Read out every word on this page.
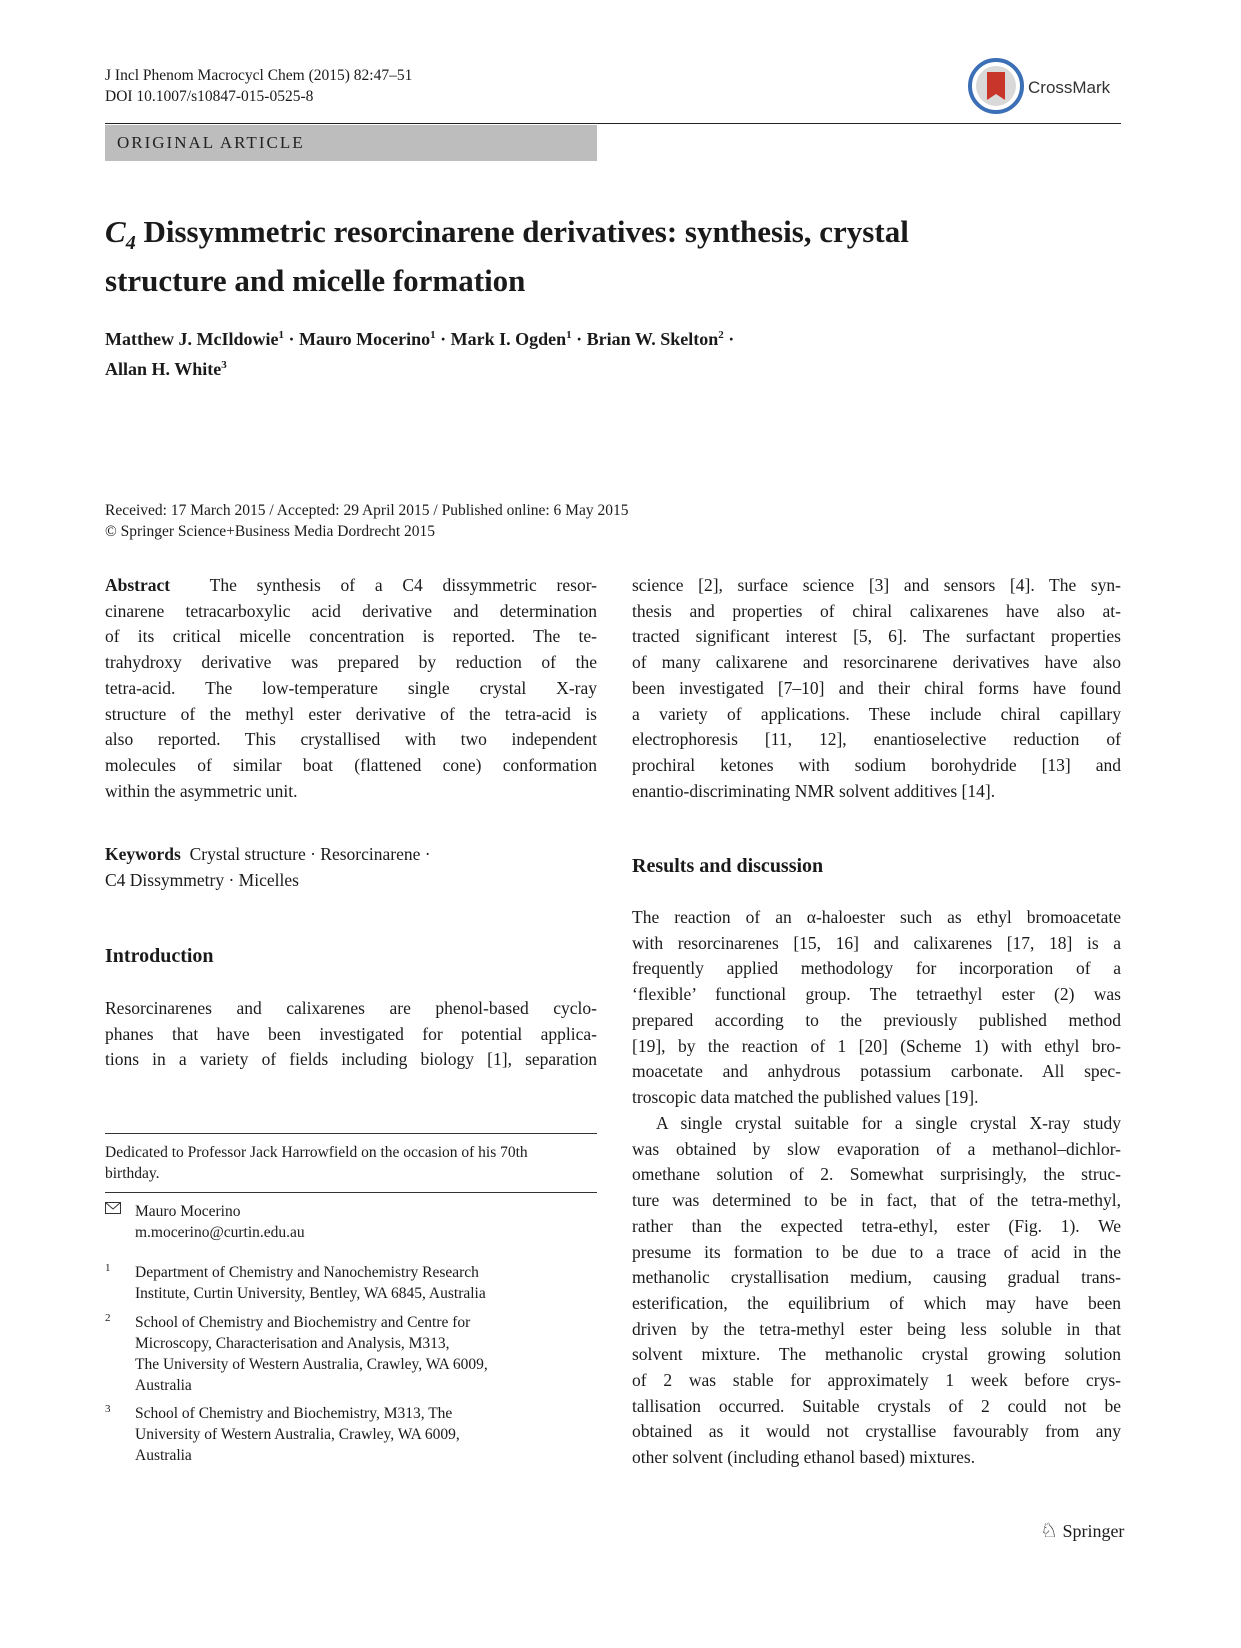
J Incl Phenom Macrocycl Chem (2015) 82:47–51
DOI 10.1007/s10847-015-0525-8	CrossMark
ORIGINAL ARTICLE
$C_4$ Dissymmetric resorcinarene derivatives: synthesis, crystal
structure and micelle formation
Matthew J. McIldowie$^1$ · Mauro Mocerino$^1$ · Mark I. Ogden$^1$ · Brian W. Skelton$^2$ ·
Allan H. White$^3$
Received: 17 March 2015 / Accepted: 29 April 2015 / Published online: 6 May 2015
© Springer Science+Business Media Dordrecht 2015
Abstract The synthesis of a C4 dissymmetric resor-
cinarene tetracarboxylic acid derivative and determination
of its critical micelle concentration is reported. The te-
trahydroxy derivative was prepared by reduction of the
tetra-acid. The low-temperature single crystal X-ray
structure of the methyl ester derivative of the tetra-acid is
also reported. This crystallised with two independent
molecules of similar boat (flattened cone) conformation
within the asymmetric unit.
Keywords Crystal structure · Resorcinarene ·
C4 Dissymmetry · Micelles
Introduction
Resorcinarenes and calixarenes are phenol-based cyclo-
phanes that have been investigated for potential applica-
tions in a variety of fields including biology [1], separation
Dedicated to Professor Jack Harrowfield on the occasion of his 70th
birthday.
Mauro Mocerino
m.mocerino@curtin.edu.au
1 Department of Chemistry and Nanochemistry Research
Institute, Curtin University, Bentley, WA 6845, Australia
2 School of Chemistry and Biochemistry and Centre for
Microscopy, Characterisation and Analysis, M313,
The University of Western Australia, Crawley, WA 6009,
Australia
3 School of Chemistry and Biochemistry, M313, The
University of Western Australia, Crawley, WA 6009,
Australia
science [2], surface science [3] and sensors [4]. The syn-
thesis and properties of chiral calixarenes have also at-
tracted significant interest [5, 6]. The surfactant properties
of many calixarene and resorcinarene derivatives have also
been investigated [7–10] and their chiral forms have found
a variety of applications. These include chiral capillary
electrophoresis [11, 12], enantioselective reduction of
prochiral ketones with sodium borohydride [13] and
enantio-discriminating NMR solvent additives [14].
Results and discussion
The reaction of an α-haloester such as ethyl bromoacetate
with resorcinarenes [15, 16] and calixarenes [17, 18] is a
frequently applied methodology for incorporation of a
‘flexible’ functional group. The tetraethyl ester (2) was
prepared according to the previously published method
[19], by the reaction of 1 [20] (Scheme 1) with ethyl bro-
moacetate and anhydrous potassium carbonate. All spec-
troscopic data matched the published values [19].
A single crystal suitable for a single crystal X-ray study
was obtained by slow evaporation of a methanol–dichlor-
omethane solution of 2. Somewhat surprisingly, the struc-
ture was determined to be in fact, that of the tetra-methyl,
rather than the expected tetra-ethyl, ester (Fig. 1). We
presume its formation to be due to a trace of acid in the
methanolic crystallisation medium, causing gradual trans-
esterification, the equilibrium of which may have been
driven by the tetra-methyl ester being less soluble in that
solvent mixture. The methanolic crystal growing solution
of 2 was stable for approximately 1 week before crys-
tallisation occurred. Suitable crystals of 2 could not be
obtained as it would not crystallise favourably from any
other solvent (including ethanol based) mixtures.
♘ Springer
